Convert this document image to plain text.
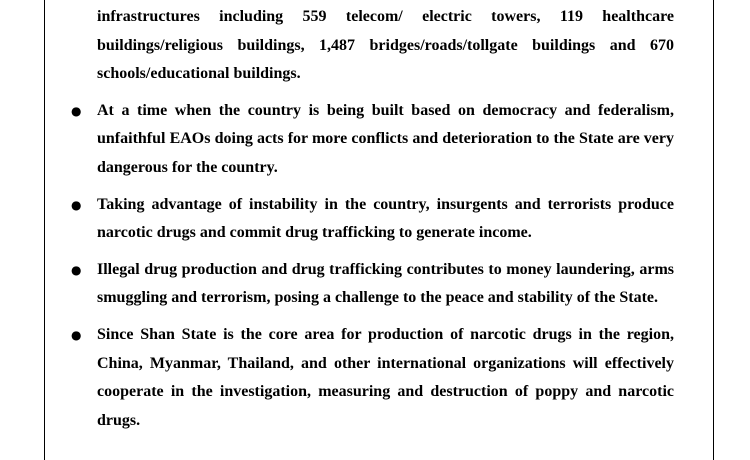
infrastructures including 559 telecom/ electric towers, 119 healthcare buildings/religious buildings, 1,487 bridges/roads/tollgate buildings and 670 schools/educational buildings.

● At a time when the country is being built based on democracy and federalism, unfaithful EAOs doing acts for more conflicts and deterioration to the State are very dangerous for the country.
● Taking advantage of instability in the country, insurgents and terrorists produce narcotic drugs and commit drug trafficking to generate income.
● Illegal drug production and drug trafficking contributes to money laundering, arms smuggling and terrorism, posing a challenge to the peace and stability of the State.
● Since Shan State is the core area for production of narcotic drugs in the region, China, Myanmar, Thailand, and other international organizations will effectively cooperate in the investigation, measuring and destruction of poppy and narcotic drugs.
